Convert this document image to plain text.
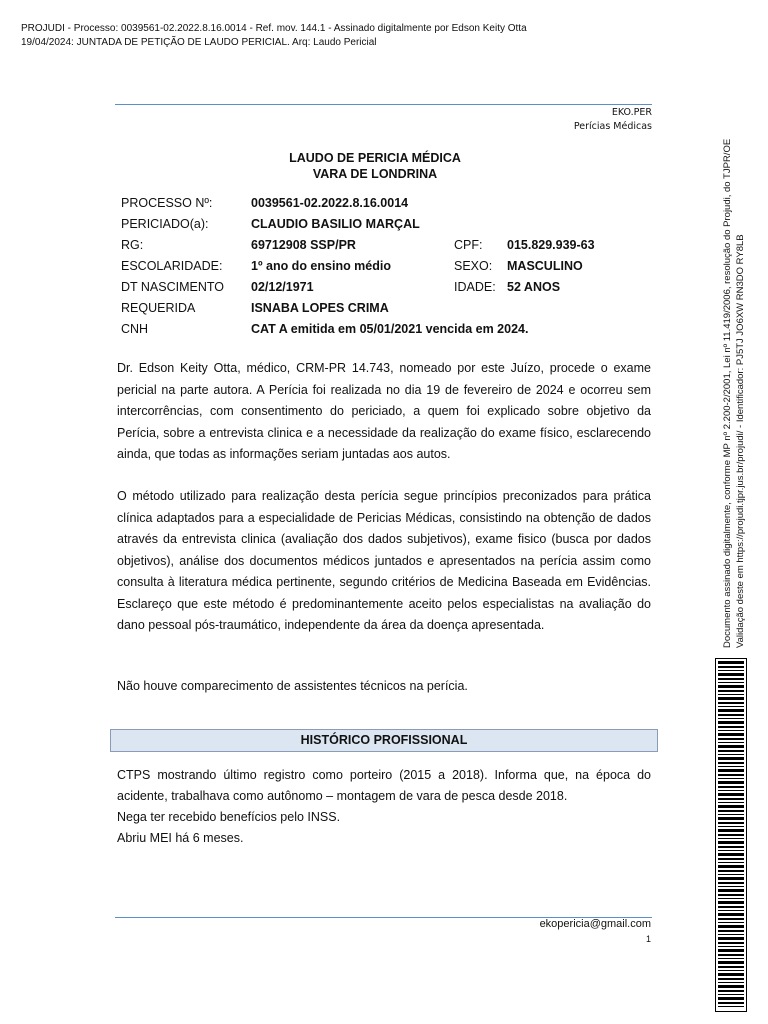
PROJUDI - Processo: 0039561-02.2022.8.16.0014 - Ref. mov. 144.1 - Assinado digitalmente por Edson Keity Otta
19/04/2024: JUNTADA DE PETIÇÃO DE LAUDO PERICIAL. Arq: Laudo Pericial
EKO.PER
Perícias Médicas
LAUDO DE PERICIA MÉDICA
VARA DE LONDRINA
PROCESSO Nº:	0039561-02.2022.8.16.0014
PERICIADO(a):	CLAUDIO BASILIO MARÇAL
RG:	69712908 SSP/PR	CPF: 015.829.939-63
ESCOLARIDADE: 1º ano do ensino médio	SEXO: MASCULINO
DT NASCIMENTO 02/12/1971	IDADE: 52 ANOS
REQUERIDA	ISNABA LOPES CRIMA
CNH	CAT A emitida em 05/01/2021 vencida em 2024.
Dr. Edson Keity Otta, médico, CRM-PR 14.743, nomeado por este Juízo, procede o exame pericial na parte autora. A Perícia foi realizada no dia 19 de fevereiro de 2024 e ocorreu sem intercorrências, com consentimento do periciado, a quem foi explicado sobre objetivo da Perícia, sobre a entrevista clinica e a necessidade da realização do exame físico, esclarecendo ainda, que todas as informações seriam juntadas aos autos.
O método utilizado para realização desta perícia segue princípios preconizados para prática clínica adaptados para a especialidade de Pericias Médicas, consistindo na obtenção de dados através da entrevista clinica (avaliação dos dados subjetivos), exame fisico (busca por dados objetivos), análise dos documentos médicos juntados e apresentados na perícia assim como consulta à literatura médica pertinente, segundo critérios de Medicina Baseada em Evidências. Esclareço que este método é predominantemente aceito pelos especialistas na avaliação do dano pessoal pós-traumático, independente da área da doença apresentada.
Não houve comparecimento de assistentes técnicos na perícia.
HISTÓRICO PROFISSIONAL
CTPS mostrando último registro como porteiro (2015 a 2018). Informa que, na época do acidente, trabalhava como autônomo – montagem de vara de pesca desde 2018.
Nega ter recebido benefícios pelo INSS.
Abriu MEI há 6 meses.
ekopericia@gmail.com
1
Documento assinado digitalmente, conforme MP nº 2.200-2/2001, Lei nº 11.419/2006, resolução do Projudi, do TJPR/OE Validação deste em https://projudi.tjpr.jus.br/projudi/ - Identificador: PJ5TJ JO6XW RN3DO RY8LB
